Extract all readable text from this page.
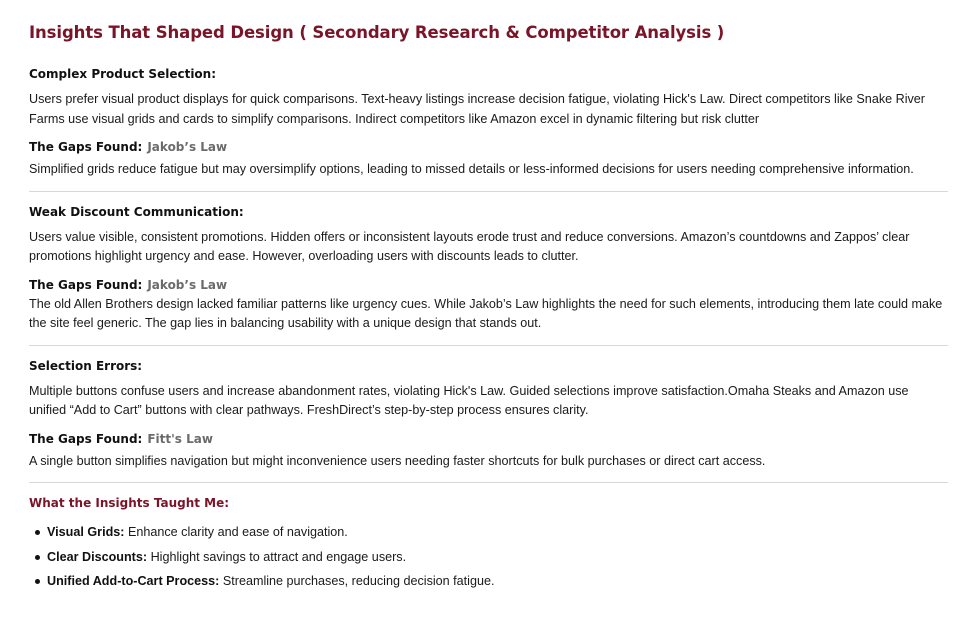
Insights That Shaped Design ( Secondary Research & Competitor Analysis )
Complex Product Selection:

Users prefer visual product displays for quick comparisons. Text-heavy listings increase decision fatigue, violating Hick's Law. Direct competitors like Snake River Farms use visual grids and cards to simplify comparisons. Indirect competitors like Amazon excel in dynamic filtering but risk clutter

The Gaps Found: Jakob’s Law

Simplified grids reduce fatigue but may oversimplify options, leading to missed details or less-informed decisions for users needing comprehensive information.

Weak Discount Communication:

Users value visible, consistent promotions. Hidden offers or inconsistent layouts erode trust and reduce conversions. Amazon’s countdowns and Zappos’ clear promotions highlight urgency and ease. However, overloading users with discounts leads to clutter.

The Gaps Found: Jakob’s Law

The old Allen Brothers design lacked familiar patterns like urgency cues. While Jakob’s Law highlights the need for such elements, introducing them late could make the site feel generic. The gap lies in balancing usability with a unique design that stands out.

Selection Errors:

Multiple buttons confuse users and increase abandonment rates, violating Hick's Law. Guided selections improve satisfaction.Omaha Steaks and Amazon use unified “Add to Cart” buttons with clear pathways. FreshDirect’s step-by-step process ensures clarity.

The Gaps Found: Fitt's Law

A single button simplifies navigation but might inconvenience users needing faster shortcuts for bulk purchases or direct cart access.

What the Insights Taught Me:
Visual Grids: Enhance clarity and ease of navigation.
Clear Discounts: Highlight savings to attract and engage users.
Unified Add-to-Cart Process: Streamline purchases, reducing decision fatigue.
